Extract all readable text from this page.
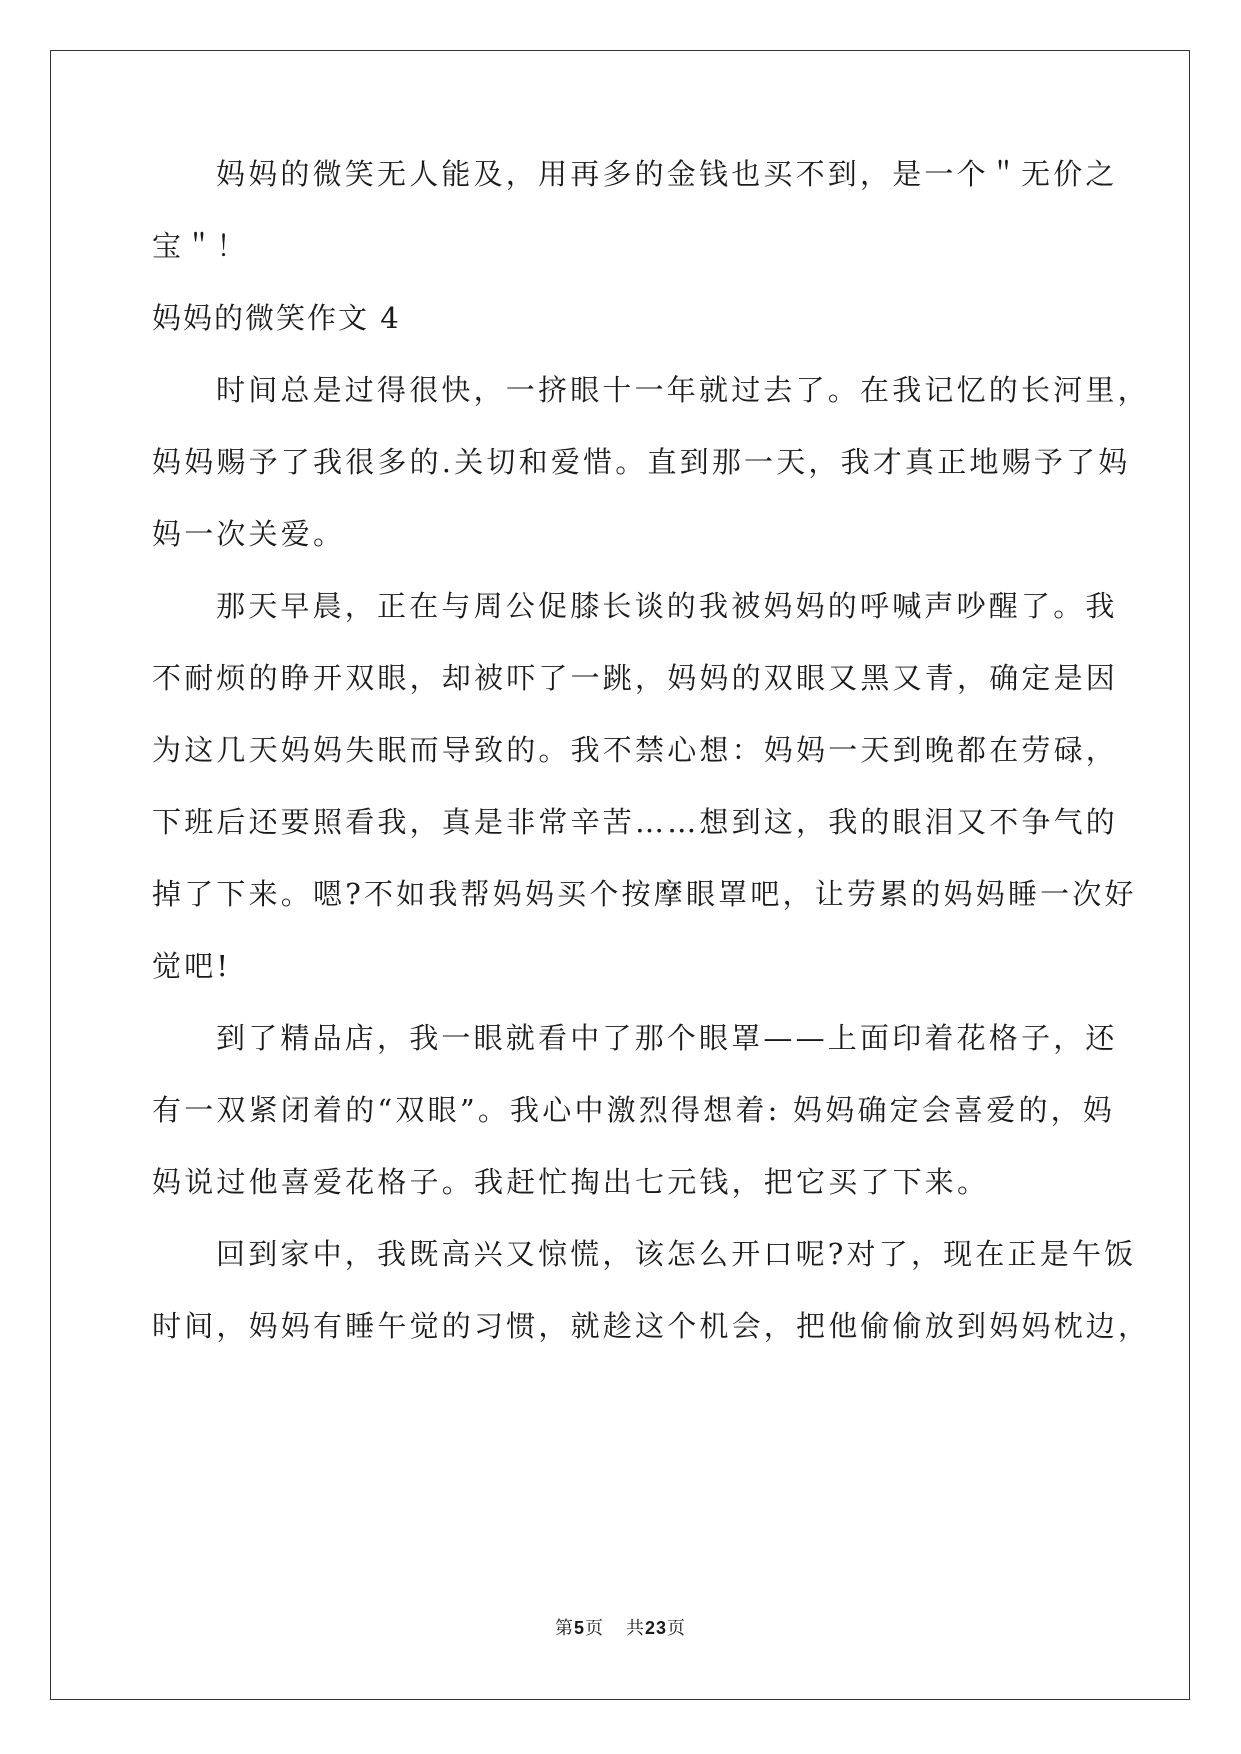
妈妈的微笑无人能及，用再多的金钱也买不到，是一个＂无价之
宝＂！
妈妈的微笑作文 4
时间总是过得很快，一挤眼十一年就过去了。在我记忆的长河里，
妈妈赐予了我很多的.关切和爱惜。直到那一天，我才真正地赐予了妈
妈一次关爱。
那天早晨，正在与周公促膝长谈的我被妈妈的呼喊声吵醒了。我
不耐烦的睁开双眼，却被吓了一跳，妈妈的双眼又黑又青，确定是因
为这几天妈妈失眠而导致的。我不禁心想：妈妈一天到晚都在劳碌，
下班后还要照看我，真是非常辛苦……想到这，我的眼泪又不争气的
掉了下来。嗯?不如我帮妈妈买个按摩眼罩吧，让劳累的妈妈睡一次好
觉吧!
到了精品店，我一眼就看中了那个眼罩——上面印着花格子，还
有一双紧闭着的“双眼”。我心中激烈得想着: 妈妈确定会喜爱的，妈
妈说过他喜爱花格子。我赶忙掏出七元钱，把它买了下来。
回到家中，我既高兴又惊慌，该怎么开口呢?对了，现在正是午饭
时间，妈妈有睡午觉的习惯，就趁这个机会，把他偷偷放到妈妈枕边，
第5页 共23页
